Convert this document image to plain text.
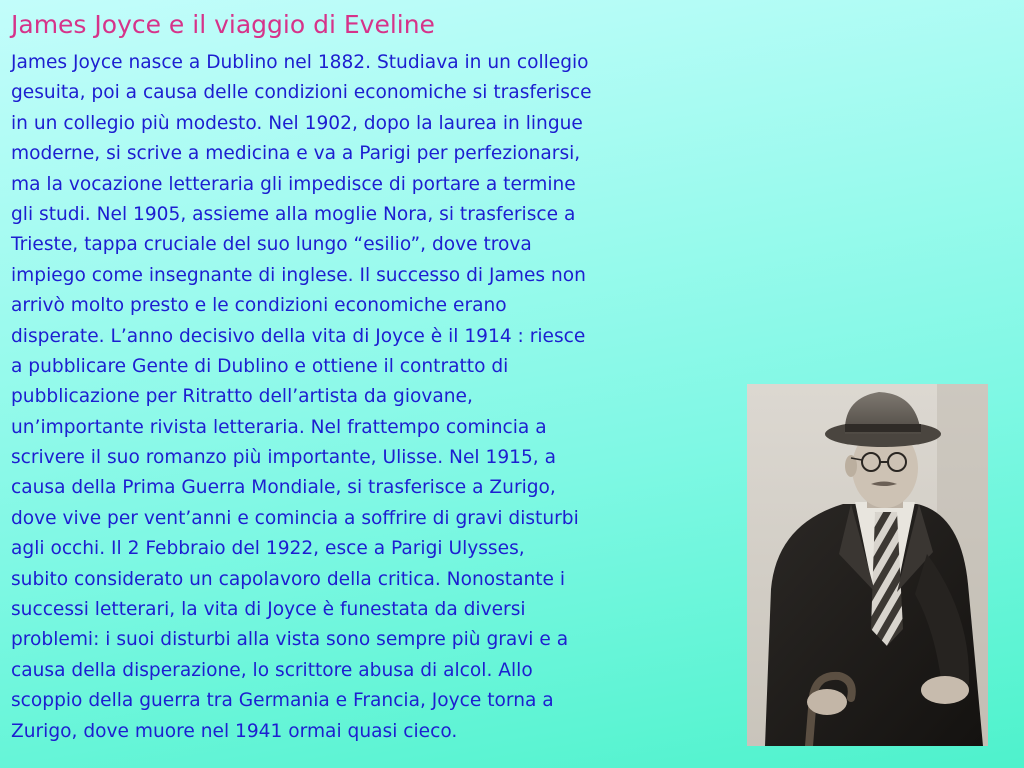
James Joyce e il viaggio di Eveline
James Joyce nasce a Dublino nel 1882. Studiava in un collegio
gesuita, poi a causa delle condizioni economiche si trasferisce
in un collegio più modesto. Nel 1902, dopo la laurea in lingue
moderne, si scrive a medicina e va a Parigi per perfezionarsi,
ma la vocazione letteraria gli impedisce di portare a termine
gli studi. Nel 1905, assieme alla moglie Nora, si trasferisce a
Trieste, tappa cruciale del suo lungo “esilio”, dove trova
impiego come insegnante di inglese. Il successo di James non
arrivò molto presto e le condizioni economiche erano
disperate. L’anno decisivo della vita di Joyce è il 1914 : riesce
a pubblicare Gente di Dublino e ottiene il contratto di
pubblicazione per Ritratto dell’artista da giovane,
un’importante rivista letteraria. Nel frattempo comincia a
scrivere il suo romanzo più importante, Ulisse. Nel 1915, a
causa della Prima Guerra Mondiale, si trasferisce a Zurigo,
dove vive per vent’anni e comincia a soffrire di gravi disturbi
agli occhi. Il 2 Febbraio del 1922, esce a Parigi Ulysses,
subito considerato un capolavoro della critica. Nonostante i
successi letterari, la vita di Joyce è funestata da diversi
problemi: i suoi disturbi alla vista sono sempre più gravi e a
causa della disperazione, lo scrittore abusa di alcol. Allo
scoppio della guerra tra Germania e Francia, Joyce torna a
Zurigo, dove muore nel 1941 ormai quasi cieco.
